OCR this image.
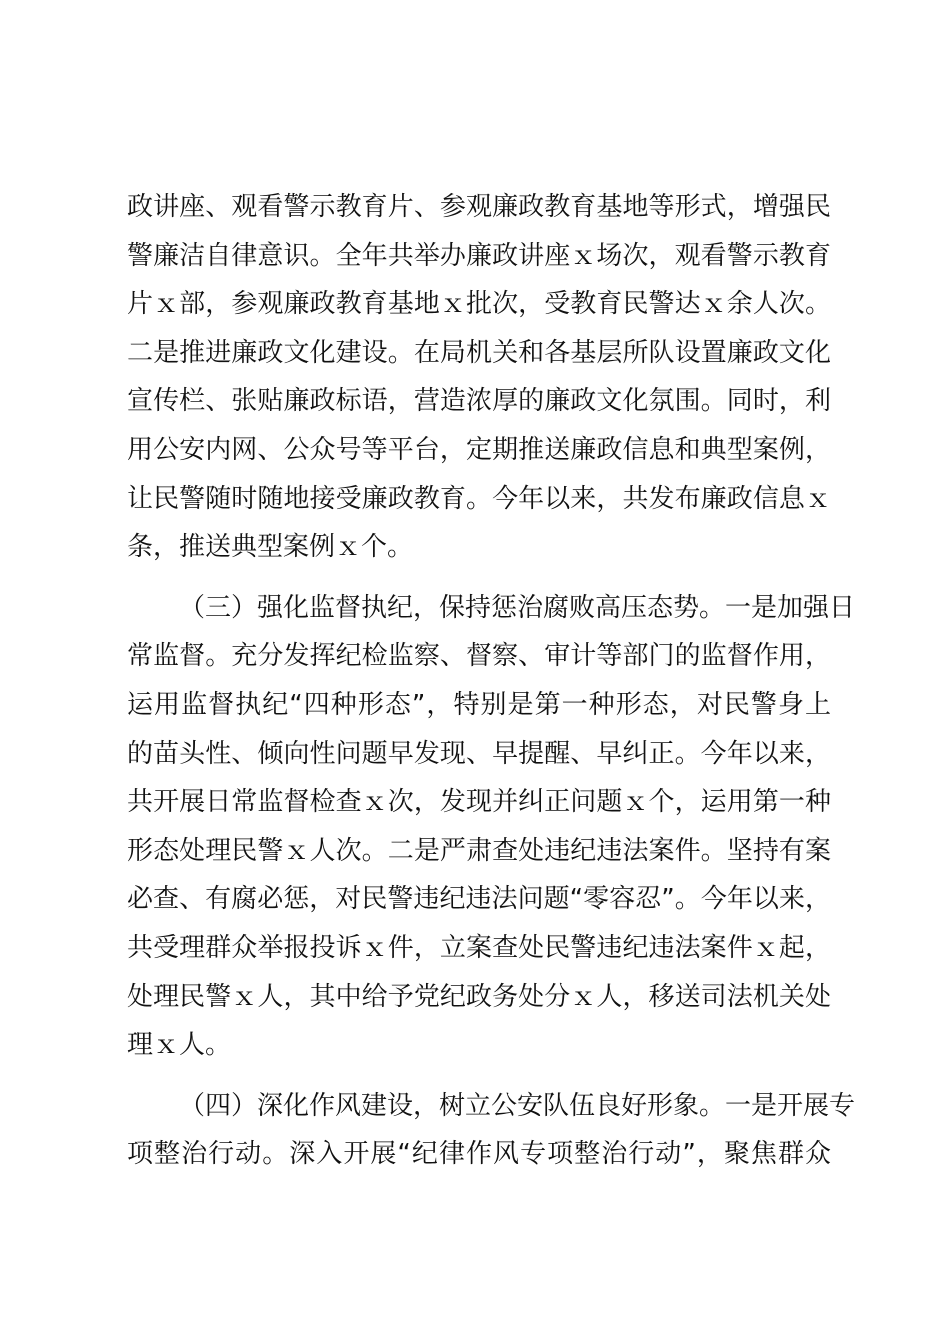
政讲座、观看警示教育片、参观廉政教育基地等形式，增强民
警廉洁自律意识。全年共举办廉政讲座ｘ场次，观看警示教育
片ｘ部，参观廉政教育基地ｘ批次，受教育民警达ｘ余人次。
二是推进廉政文化建设。在局机关和各基层所队设置廉政文化
宣传栏、张贴廉政标语，营造浓厚的廉政文化氛围。同时，利
用公安内网、公众号等平台，定期推送廉政信息和典型案例，
让民警随时随地接受廉政教育。今年以来，共发布廉政信息ｘ
条，推送典型案例ｘ个。
（三）强化监督执纪，保持惩治腐败高压态势。一是加强日
常监督。充分发挥纪检监察、督察、审计等部门的监督作用，
运用监督执纪“四种形态”，特别是第一种形态，对民警身上
的苗头性、倾向性问题早发现、早提醒、早纠正。今年以来，
共开展日常监督检查ｘ次，发现并纠正问题ｘ个，运用第一种
形态处理民警ｘ人次。二是严肃查处违纪违法案件。坚持有案
必查、有腐必惩，对民警违纪违法问题“零容忍”。今年以来，
共受理群众举报投诉ｘ件，立案查处民警违纪违法案件ｘ起，
处理民警ｘ人，其中给予党纪政务处分ｘ人，移送司法机关处
理ｘ人。
（四）深化作风建设，树立公安队伍良好形象。一是开展专
项整治行动。深入开展“纪律作风专项整治行动”，聚焦群众
